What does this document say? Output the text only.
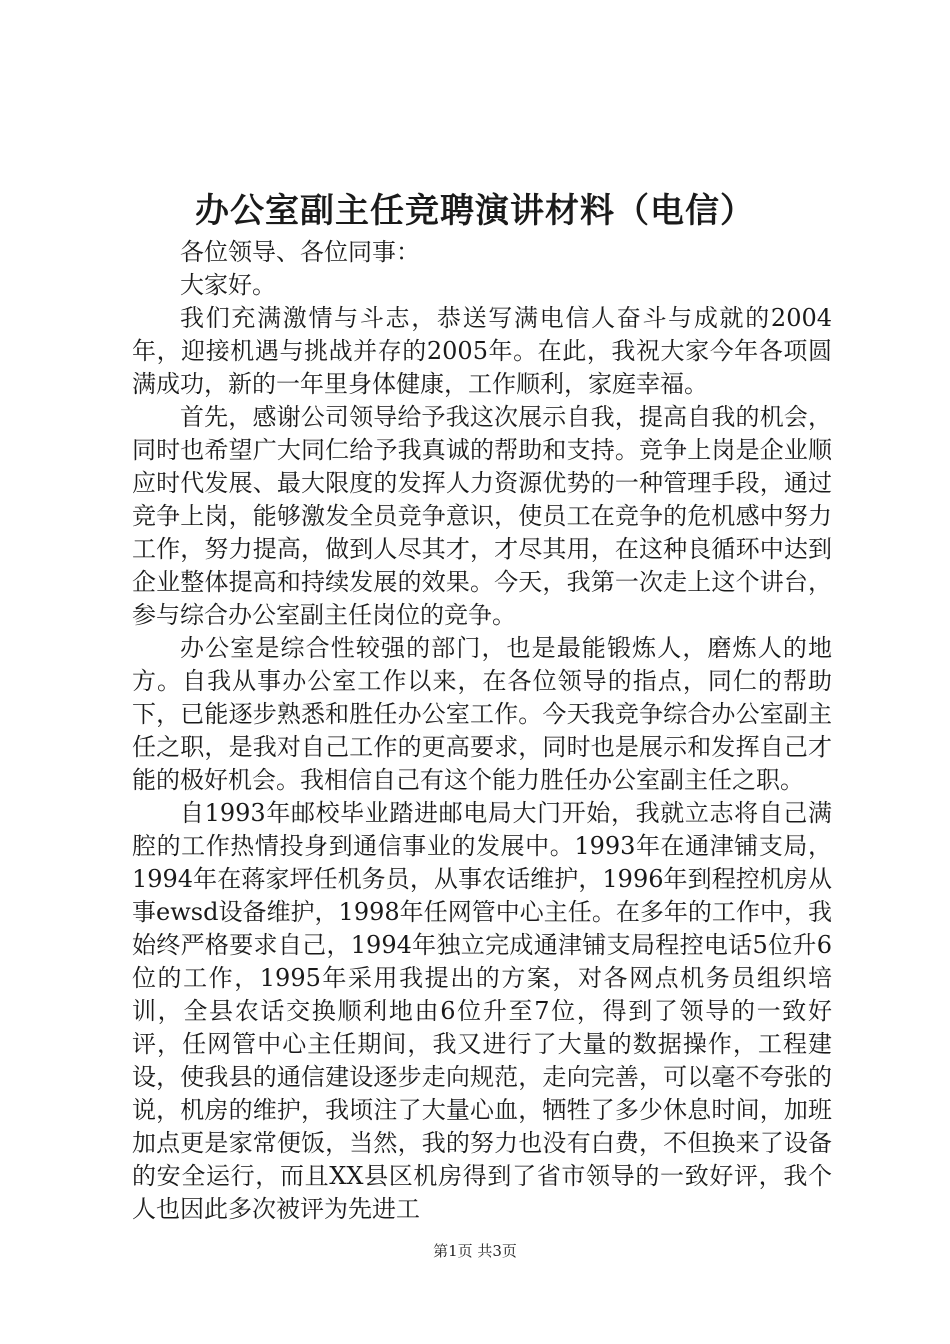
办公室副主任竞聘演讲材料（电信）

各位领导、各位同事：

大家好。

我们充满激情与斗志，恭送写满电信人奋斗与成就的2004年，迎接机遇与挑战并存的2005年。在此，我祝大家今年各项圆满成功，新的一年里身体健康，工作顺利，家庭幸福。

首先，感谢公司领导给予我这次展示自我，提高自我的机会，同时也希望广大同仁给予我真诚的帮助和支持。竞争上岗是企业顺应时代发展、最大限度的发挥人力资源优势的一种管理手段，通过竞争上岗，能够激发全员竞争意识，使员工在竞争的危机感中努力工作，努力提高，做到人尽其才，才尽其用，在这种良循环中达到企业整体提高和持续发展的效果。今天，我第一次走上这个讲台，参与综合办公室副主任岗位的竞争。

办公室是综合性较强的部门，也是最能锻炼人，磨炼人的地方。自我从事办公室工作以来，在各位领导的指点，同仁的帮助下，已能逐步熟悉和胜任办公室工作。今天我竞争综合办公室副主任之职，是我对自己工作的更高要求，同时也是展示和发挥自己才能的极好机会。我相信自己有这个能力胜任办公室副主任之职。

自1993年邮校毕业踏进邮电局大门开始，我就立志将自己满腔的工作热情投身到通信事业的发展中。1993年在通津铺支局，1994年在蒋家坪任机务员，从事农话维护，1996年到程控机房从事ewsd设备维护，1998年任网管中心主任。在多年的工作中，我始终严格要求自己，1994年独立完成通津铺支局程控电话5位升6位的工作，1995年采用我提出的方案，对各网点机务员组织培训，全县农话交换顺利地由6位升至7位，得到了领导的一致好评，任网管中心主任期间，我又进行了大量的数据操作，工程建设，使我县的通信建设逐步走向规范，走向完善，可以毫不夸张的说，机房的维护，我顷注了大量心血，牺牲了多少休息时间，加班加点更是家常便饭，当然，我的努力也没有白费，不但换来了设备的安全运行，而且XX县区机房得到了省市领导的一致好评，我个人也因此多次被评为先进工

第1页 共3页
